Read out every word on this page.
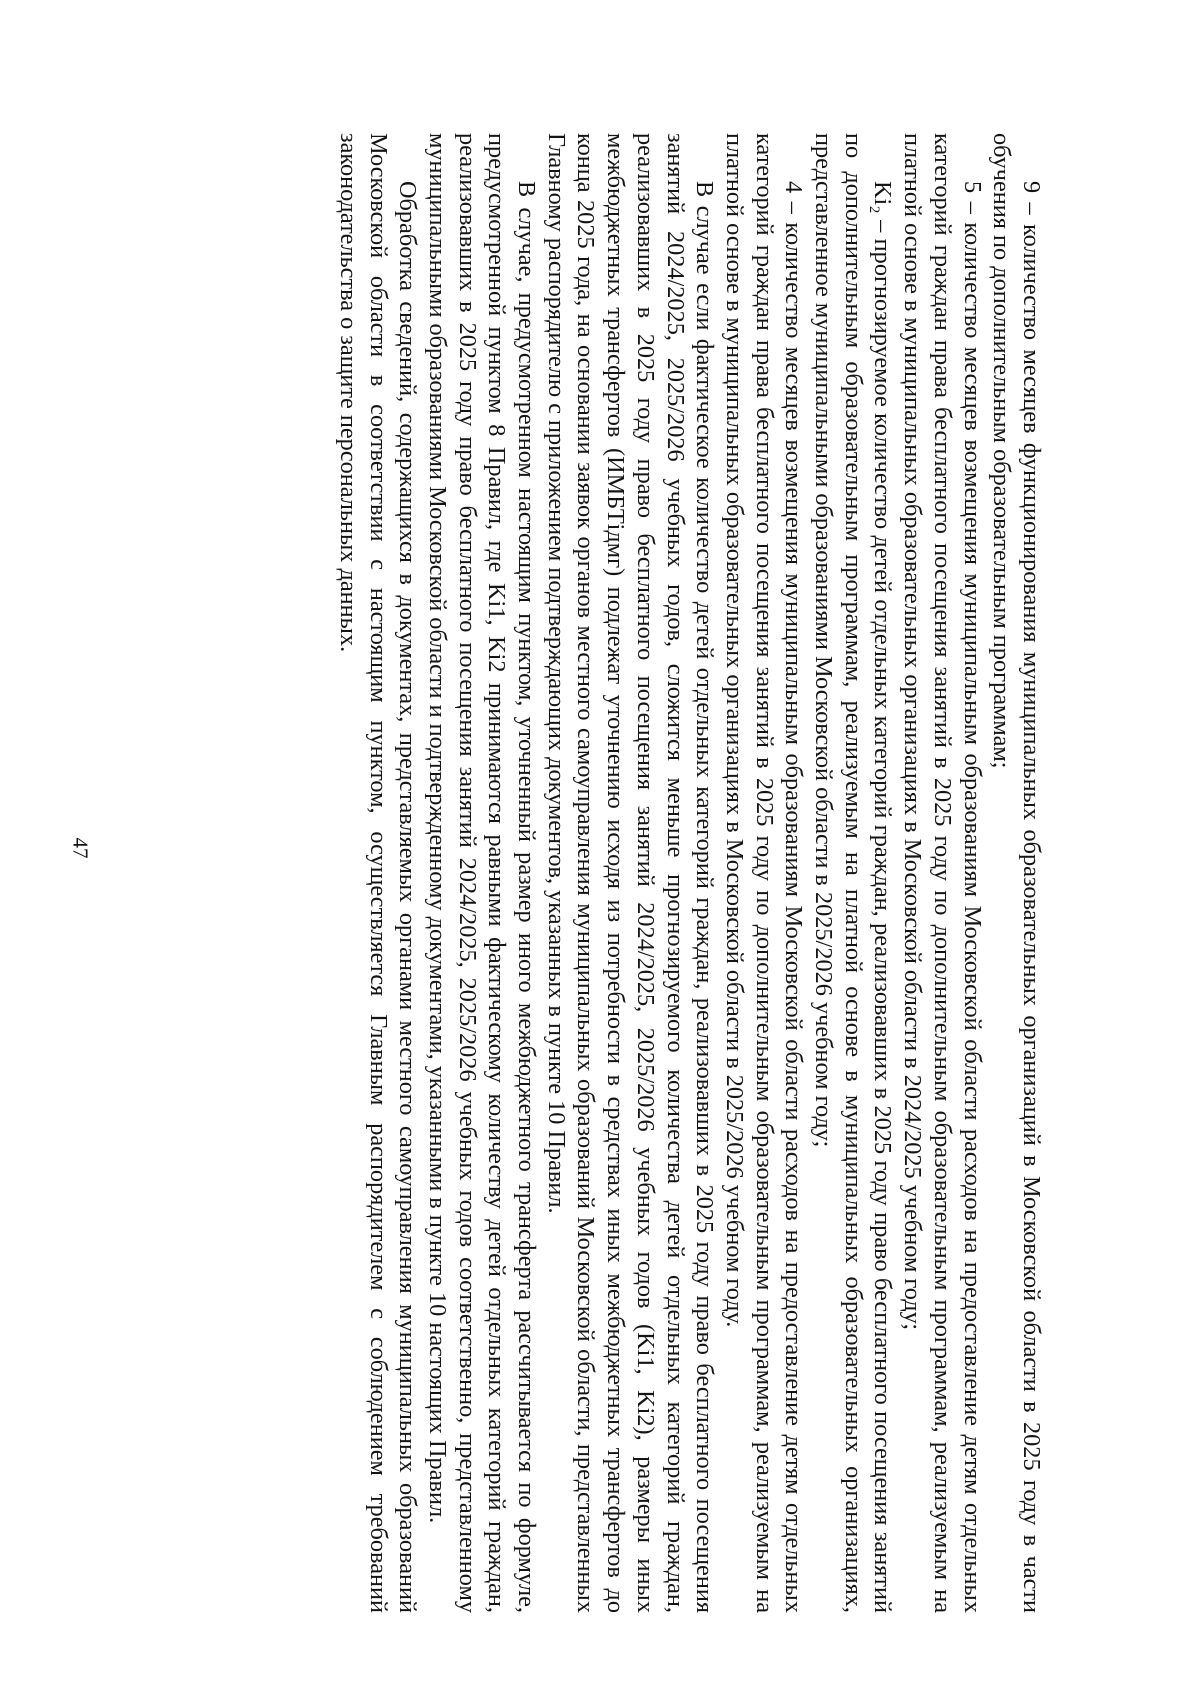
47	9 – количество месяцев функционирования муниципальных образовательных организаций в Московской области в 2025 году в части обучения по дополнительным образовательным программам;

5 – количество месяцев возмещения муниципальным образованиям Московской области расходов на предоставление детям отдельных категорий граждан права бесплатного посещения занятий в 2025 году по дополнительным образовательным программам, реализуемым на платной основе в муниципальных образовательных организациях в Московской области в 2024/2025 учебном году;

Ki₂ – прогнозируемое количество детей отдельных категорий граждан, реализовавших в 2025 году право бесплатного посещения занятий по дополнительным образовательным программам, реализуемым на платной основе в муниципальных образовательных организациях, представленное муниципальными образованиями Московской области в 2025/2026 учебном году;

4 – количество месяцев возмещения муниципальным образованиям Московской области расходов на предоставление детям отдельных категорий граждан права бесплатного посещения занятий в 2025 году по дополнительным образовательным программам, реализуемым на платной основе в муниципальных образовательных организациях в Московской области в 2025/2026 учебном году.

В случае если фактическое количество детей отдельных категорий граждан, реализовавших в 2025 году право бесплатного посещения занятий 2024/2025, 2025/2026 учебных годов, сложится меньше прогнозируемого количества детей отдельных категорий граждан, реализовавших в 2025 году право бесплатного посещения занятий 2024/2025, 2025/2026 учебных годов (Ki1, Ki2), размеры иных межбюджетных трансфертов (ИМБТiдмг) подлежат уточнению исходя из потребности в средствах иных межбюджетных трансфертов до конца 2025 года, на основании заявок органов местного самоуправления муниципальных образований Московской области, представленных Главному распорядителю с приложением подтверждающих документов, указанных в пункте 10 Правил.

В случае, предусмотренном настоящим пунктом, уточненный размер иного межбюджетного трансферта рассчитывается по формуле, предусмотренной пунктом 8 Правил, где Ki1, Ki2 принимаются равными фактическому количеству детей отдельных категорий граждан, реализовавших в 2025 году право бесплатного посещения занятий 2024/2025, 2025/2026 учебных годов соответственно, представленному муниципальными образованиями Московской области и подтвержденному документами, указанными в пункте 10 настоящих Правил.

Обработка сведений, содержащихся в документах, представляемых органами местного самоуправления муниципальных образований Московской области в соответствии с настоящим пунктом, осуществляется Главным распорядителем с соблюдением требований законодательства о защите персональных данных.
